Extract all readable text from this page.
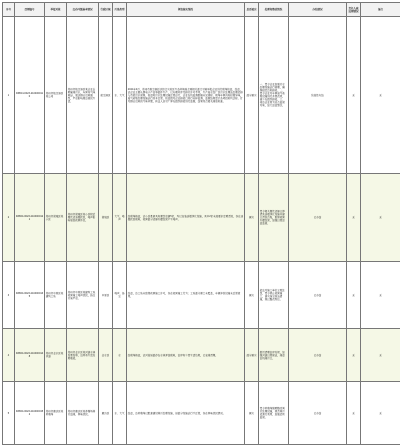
序号	受理编号	举报对象	交办问题基本情况	行政区域	污染类型	调查核实情况	是否属实	处理和整改情况	办结情况	责任人被处理情况	备注
1	D3BJ4-0023-2104000110	郑州市航空港区某公司	郑州市航空港区某企业长期偷排污水，车间内气味刺鼻，周边群众反映强烈，严重影响周边居民生活。	航空港区	水、大气	2021年4月，郑州市航空港经济综合实验区生态环境局会同相关部门对被举报企业进行现场检查。经查，该企业主要从事电子产品零部件生产，已办理环评及排污许可手续，生产废水经厂区污水处理站处理后排入市政污水管网。检查时污水处理设施正常运行，企业在线监测数据未见超标。现场车间内有轻微异味，废气收集处理设施运行基本正常。检查组对企业排放口进行采样监测，监测结果显示各项指标均达标。针对群众反映的气味问题，执法人员对厂界无组织排放进行监测，结果符合相关排放标准。	部分属实	一、责令企业加强污水处理设施运行管理，确保稳定达标排放。二、责令企业对车间废气收集设施进行升级改造，减少无组织排放。三、将该企业列为重点监管对象，加大巡查频次。	阶段性办结	无	无
2	D3BJ4-0023-2104000121	郑州市管城区某小区	郑州市管城区某小区附近餐饮店油烟扰民，噪声影响居民夜间休息。	管城区	大气、噪声	经现场核查，该小区底商共有餐饮店铺5家，均已安装油烟净化设施，其中2家未按要求定期清洗，存在油烟扰民现象。夜间部分店铺外摆经营产生噪声。	属实	责令相关餐饮店铺立即清洗油烟净化设施并建立清洗台账，取缔夜间外摆经营，加强日常巡查监管。	已办结	无	无
3	D3BJ4-0023-2104000135	郑州市中原区某建筑工地	郑州市中原区某建筑工地夜间施工噪声扰民，扬尘污染严重。	中原区	噪声、扬尘	经查，该工地未取得夜间施工许可，存在夜间施工行为；工地部分裸土未覆盖，车辆冲洗设施未正常使用。	属实	依法对施工单位立案处罚，责令停止夜间施工，落实扬尘防治措施，现已整改到位。	已办结	无	无
4	D3BJ4-0023-2104000148	郑州市金水区某河道	郑州市金水区某河道水体发黑发臭，沿岸有生活垃圾堆放。	金水区	水	经现场核查，该河段局部存在水体浑浊现象，沿岸有少量生活垃圾，已安排清理。	部分属实	组织清理沿岸垃圾，加强河道日常保洁，排查沿线排污口。	已办结	无	无
5	D3BJ4-0023-2104000152	郑州市惠济区某养殖场	郑州市惠济区某养殖场粪污直排，臭味扰民。	惠济区	水、大气	经查，该养殖场已配套建设粪污处理设施，但部分设施运行不正常，存在臭味扰民情况。	属实	责令养殖场限期整改粪污处理设施，规范粪污资源化利用，加强后续监管。	已办结	无	无
